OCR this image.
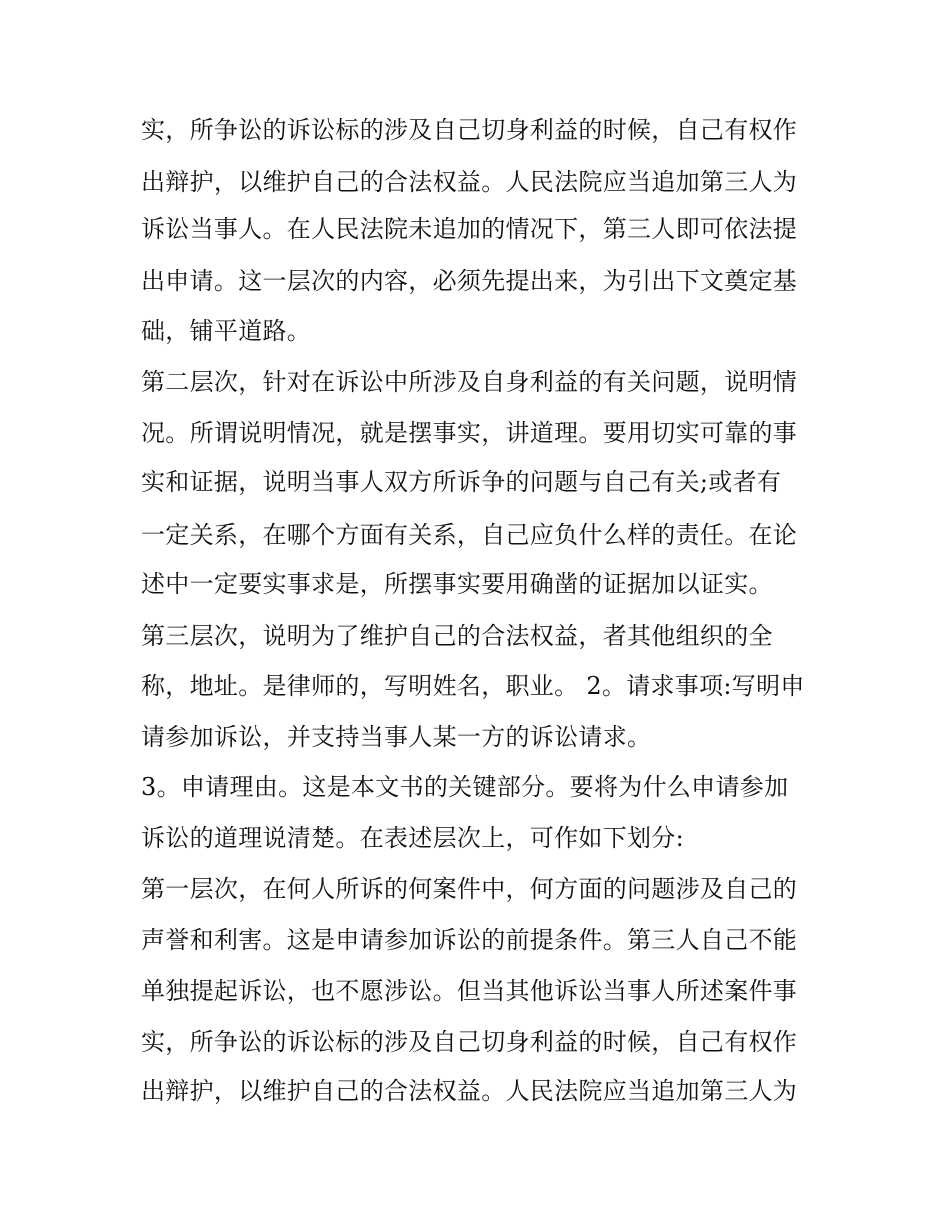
实，所争讼的诉讼标的涉及自己切身利益的时候，自己有权作
出辩护，以维护自己的合法权益。人民法院应当追加第三人为
诉讼当事人。在人民法院未追加的情况下，第三人即可依法提
出申请。这一层次的内容，必须先提出来，为引出下文奠定基
础，铺平道路。
第二层次，针对在诉讼中所涉及自身利益的有关问题，说明情
况。所谓说明情况，就是摆事实，讲道理。要用切实可靠的事
实和证据，说明当事人双方所诉争的问题与自己有关;或者有
一定关系，在哪个方面有关系，自己应负什么样的责任。在论
述中一定要实事求是，所摆事实要用确凿的证据加以证实。
第三层次，说明为了维护自己的合法权益，者其他组织的全
称，地址。是律师的，写明姓名，职业。 2。请求事项:写明申
请参加诉讼，并支持当事人某一方的诉讼请求。
3。申请理由。这是本文书的关键部分。要将为什么申请参加
诉讼的道理说清楚。在表述层次上，可作如下划分:
第一层次，在何人所诉的何案件中，何方面的问题涉及自己的
声誉和利害。这是申请参加诉讼的前提条件。第三人自己不能
单独提起诉讼，也不愿涉讼。但当其他诉讼当事人所述案件事
实，所争讼的诉讼标的涉及自己切身利益的时候，自己有权作
出辩护，以维护自己的合法权益。人民法院应当追加第三人为
